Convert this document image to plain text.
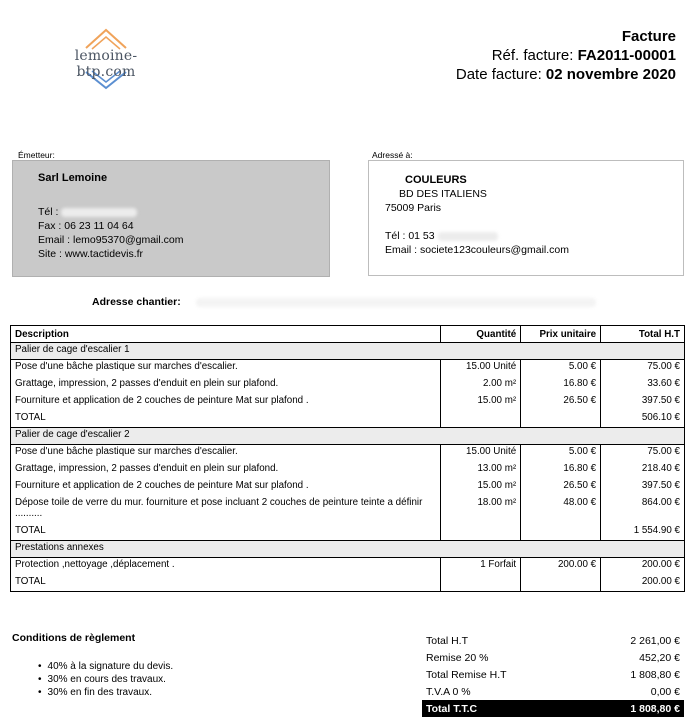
lemoine-btp.com
Facture
Réf. facture: FA2011-00001
Date facture: 02 novembre 2020
Émetteur:
Sarl Lemoine
Tél :
Fax : 06 23 11 04 64
Email : lemo95370@gmail.com
Site : www.tactidevis.fr
Adressé à:
COULEURS
BD DES ITALIENS
75009 Paris
Tél : 01 53
Email : societe123couleurs@gmail.com
Adresse chantier:
Description	Quantité	Prix unitaire	Total H.T
Palier de cage d'escalier 1			
Pose d'une bâche plastique sur marches d'escalier.	15.00 Unité	5.00 €	75.00 €
Grattage, impression, 2 passes d'enduit en plein sur plafond.	2.00 m²	16.80 €	33.60 €
Fourniture et application de 2 couches de peinture Mat sur plafond .	15.00 m²	26.50 €	397.50 €
TOTAL			506.10 €
Palier de cage d'escalier 2			
Pose d'une bâche plastique sur marches d'escalier.	15.00 Unité	5.00 €	75.00 €
Grattage, impression, 2 passes d'enduit en plein sur plafond.	13.00 m²	16.80 €	218.40 €
Fourniture et application de 2 couches de peinture Mat sur plafond .	15.00 m²	26.50 €	397.50 €
Dépose toile de verre du mur. fourniture et pose incluant 2 couches de peinture teinte a définir ..........	18.00 m²	48.00 €	864.00 €
TOTAL			1 554.90 €
Prestations annexes			
Protection ,nettoyage ,déplacement .	1 Forfait	200.00 €	200.00 €
TOTAL			200.00 €
Conditions de règlement
• 40% à la signature du devis.
• 30% en cours des travaux.
• 30% en fin des travaux.
Total H.T	2 261,00 €
Remise 20 %	452,20 €
Total Remise H.T	1 808,80 €
T.V.A 0 %	0,00 €
Total T.T.C	1 808,80 €
